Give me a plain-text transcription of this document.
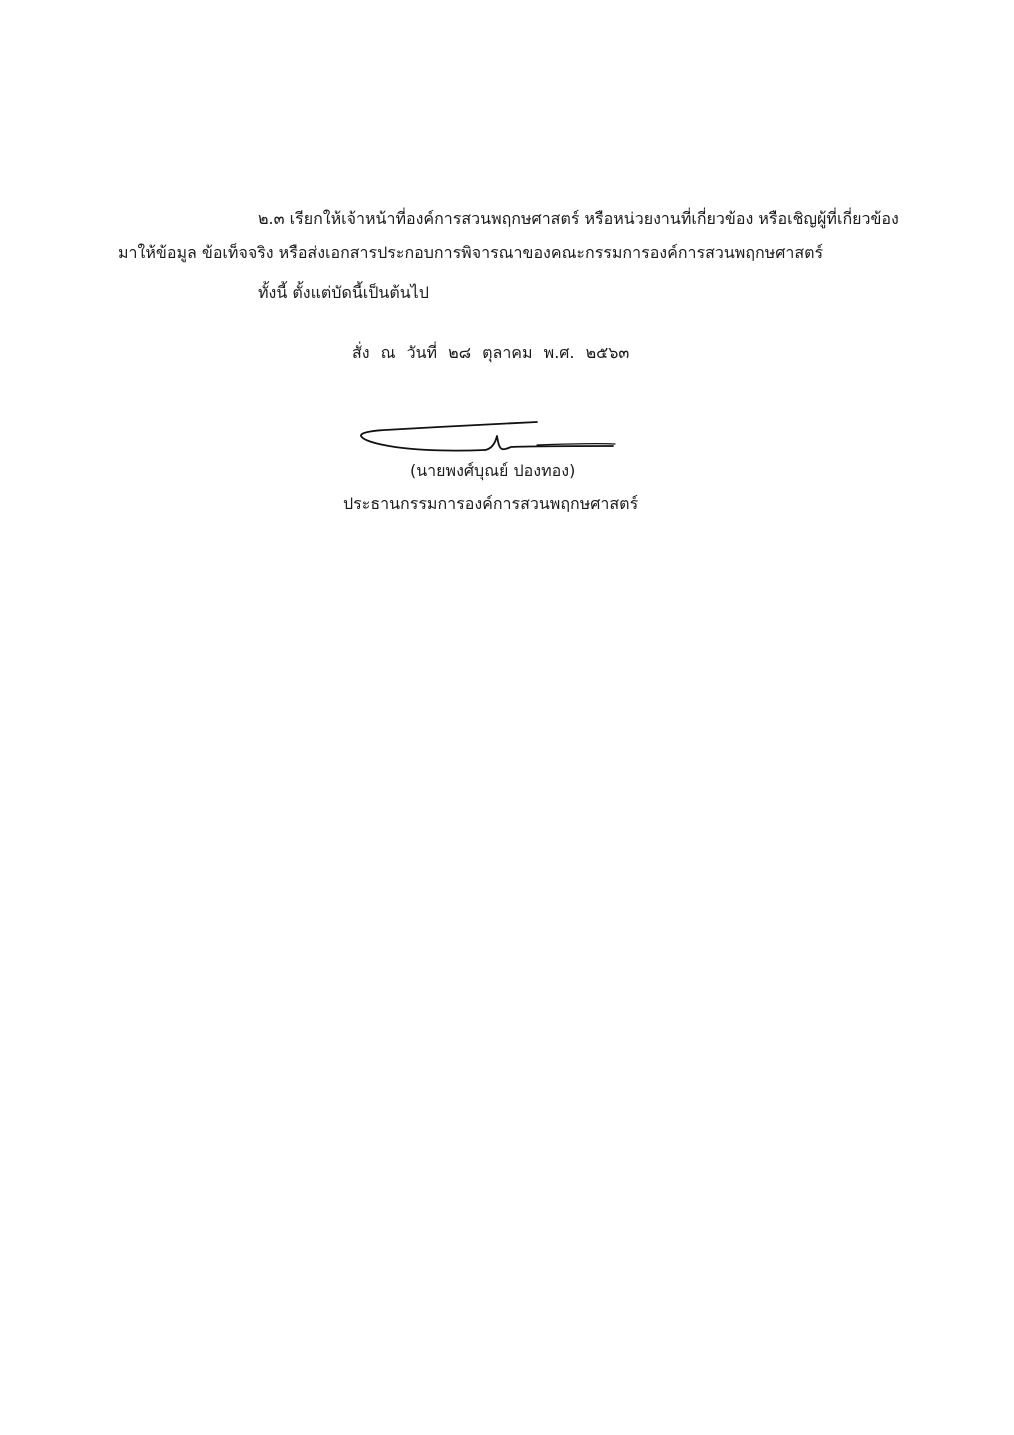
๒.๓ เรียกให้เจ้าหน้าที่องค์การสวนพฤกษศาสตร์ หรือหน่วยงานที่เกี่ยวข้อง หรือเชิญผู้ที่เกี่ยวข้อง
มาให้ข้อมูล ข้อเท็จจริง หรือส่งเอกสารประกอบการพิจารณาของคณะกรรมการองค์การสวนพฤกษศาสตร์
ทั้งนี้ ตั้งแต่บัดนี้เป็นต้นไป
สั่ง ณ วันที่ ๒๘ ตุลาคม พ.ศ. ๒๕๖๓
(นายพงศ์บุณย์ ปองทอง)
ประธานกรรมการองค์การสวนพฤกษศาสตร์
